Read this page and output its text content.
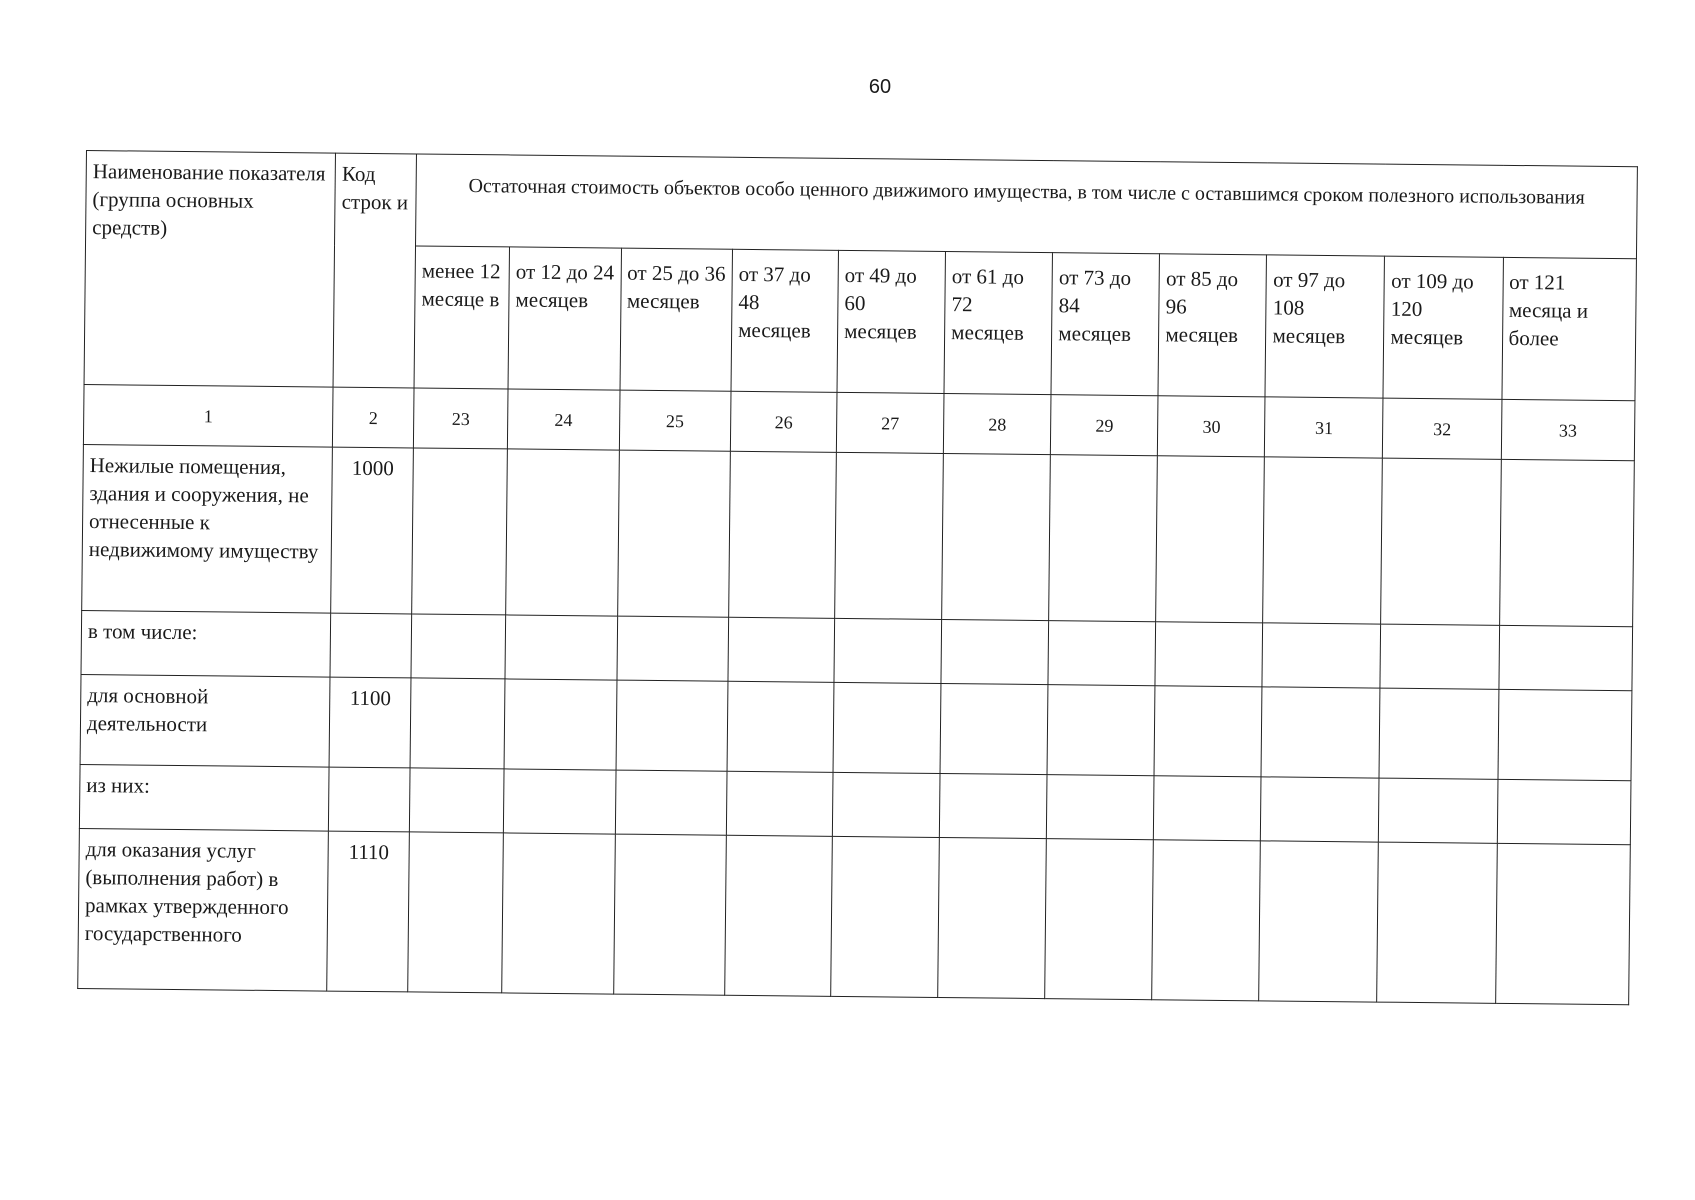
60
Наименование показателя (группа основных средств)	Код строк и	Остаточная стоимость объектов особо ценного движимого имущества, в том числе с оставшимся сроком полезного использования										
		менее 12 месяце в	от 12 до 24 месяцев	от 25 до 36 месяцев	от 37 до 48 месяцев	от 49 до 60 месяцев	от 61 до 72 месяцев	от 73 до 84 месяцев	от 85 до 96 месяцев	от 97 до 108 месяцев	от 109 до 120 месяцев	от 121 месяца и более
1	2	23	24	25	26	27	28	29	30	31	32	33
Нежилые помещения, здания и сооружения, не отнесенные к недвижимому имуществу	1000											
в том числе:												
для основной деятельности	1100											
из них:												
для оказания услуг (выполнения работ) в рамках утвержденного государственного	1110											
